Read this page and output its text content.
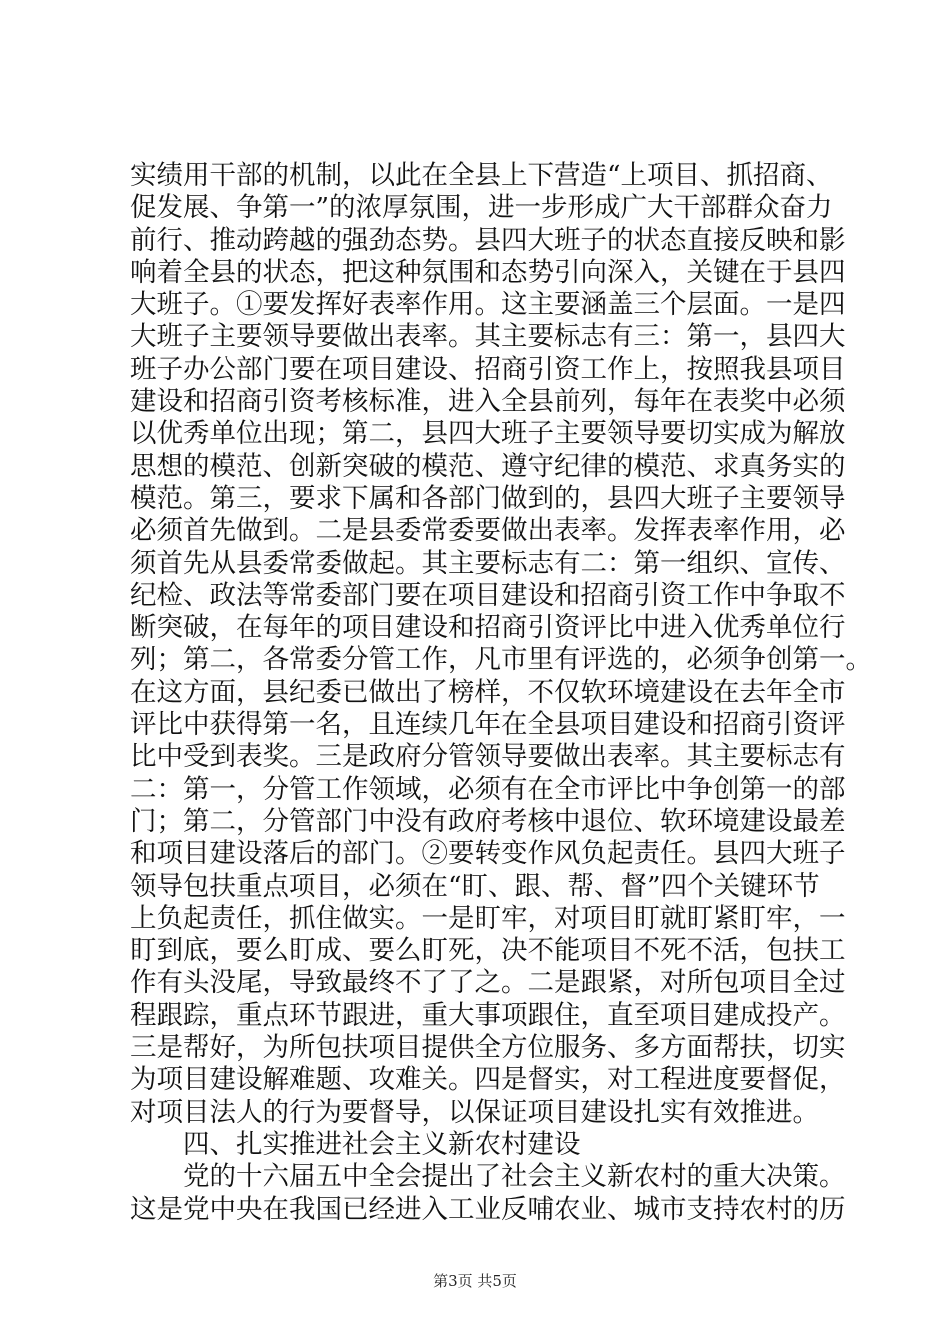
实绩用干部的机制，以此在全县上下营造“上项目、抓招商、
促发展、争第一”的浓厚氛围，进一步形成广大干部群众奋力
前行、推动跨越的强劲态势。县四大班子的状态直接反映和影
响着全县的状态，把这种氛围和态势引向深入，关键在于县四
大班子。①要发挥好表率作用。这主要涵盖三个层面。一是四
大班子主要领导要做出表率。其主要标志有三：第一，县四大
班子办公部门要在项目建设、招商引资工作上，按照我县项目
建设和招商引资考核标准，进入全县前列，每年在表奖中必须
以优秀单位出现；第二，县四大班子主要领导要切实成为解放
思想的模范、创新突破的模范、遵守纪律的模范、求真务实的
模范。第三，要求下属和各部门做到的，县四大班子主要领导
必须首先做到。二是县委常委要做出表率。发挥表率作用，必
须首先从县委常委做起。其主要标志有二：第一组织、宣传、
纪检、政法等常委部门要在项目建设和招商引资工作中争取不
断突破，在每年的项目建设和招商引资评比中进入优秀单位行
列；第二，各常委分管工作，凡市里有评选的，必须争创第一。
在这方面，县纪委已做出了榜样，不仅软环境建设在去年全市
评比中获得第一名，且连续几年在全县项目建设和招商引资评
比中受到表奖。三是政府分管领导要做出表率。其主要标志有
二：第一，分管工作领域，必须有在全市评比中争创第一的部
门；第二，分管部门中没有政府考核中退位、软环境建设最差
和项目建设落后的部门。②要转变作风负起责任。县四大班子
领导包扶重点项目，必须在“盯、跟、帮、督”四个关键环节
上负起责任，抓住做实。一是盯牢，对项目盯就盯紧盯牢，一
盯到底，要么盯成、要么盯死，决不能项目不死不活，包扶工
作有头没尾，导致最终不了了之。二是跟紧，对所包项目全过
程跟踪，重点环节跟进，重大事项跟住，直至项目建成投产。
三是帮好，为所包扶项目提供全方位服务、多方面帮扶，切实
为项目建设解难题、攻难关。四是督实，对工程进度要督促，
对项目法人的行为要督导，以保证项目建设扎实有效推进。
四、扎实推进社会主义新农村建设
党的十六届五中全会提出了社会主义新农村的重大决策。
这是党中央在我国已经进入工业反哺农业、城市支持农村的历
第3页 共5页
